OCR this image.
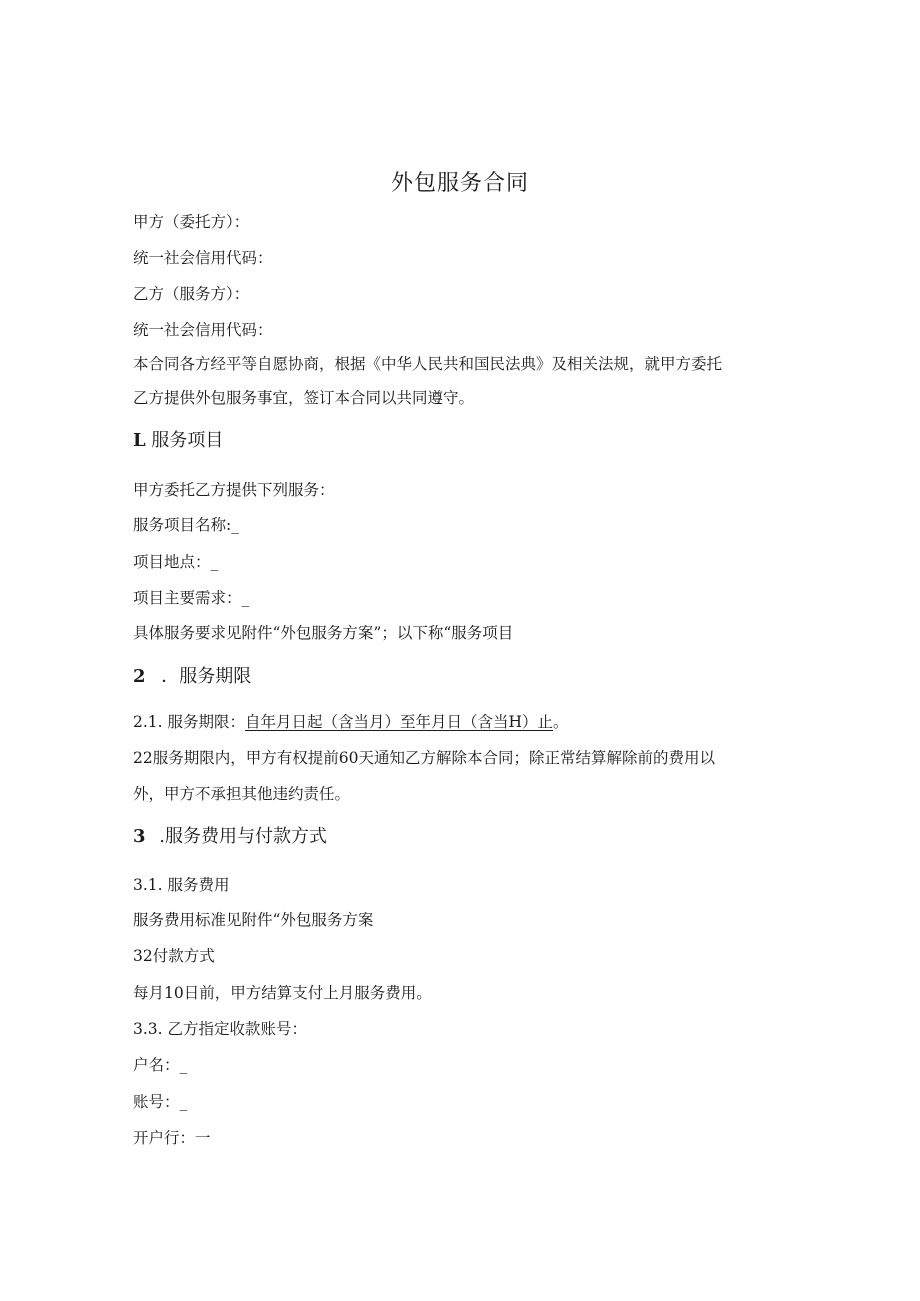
外包服务合同
甲方（委托方）：
统一社会信用代码：
乙方（服务方）：
统一社会信用代码：
本合同各方经平等自愿协商，根据《中华人民共和国民法典》及相关法规，就甲方委托
乙方提供外包服务事宜，签订本合同以共同遵守。
L 服务项目
甲方委托乙方提供下列服务：
服务项目名称:_
项目地点：_
项目主要需求：_
具体服务要求见附件“外包服务方案”；以下称“服务项目
2 ．服务期限
2.1. 服务期限：自年月日起（含当月）至年月日（含当H）止。
22服务期限内，甲方有权提前60天通知乙方解除本合同；除正常结算解除前的费用以
外，甲方不承担其他违约责任。
3 .服务费用与付款方式
3.1. 服务费用
服务费用标准见附件“外包服务方案
32付款方式
每月10日前，甲方结算支付上月服务费用。
3.3. 乙方指定收款账号：
户名：_
账号：_
开户行：一
